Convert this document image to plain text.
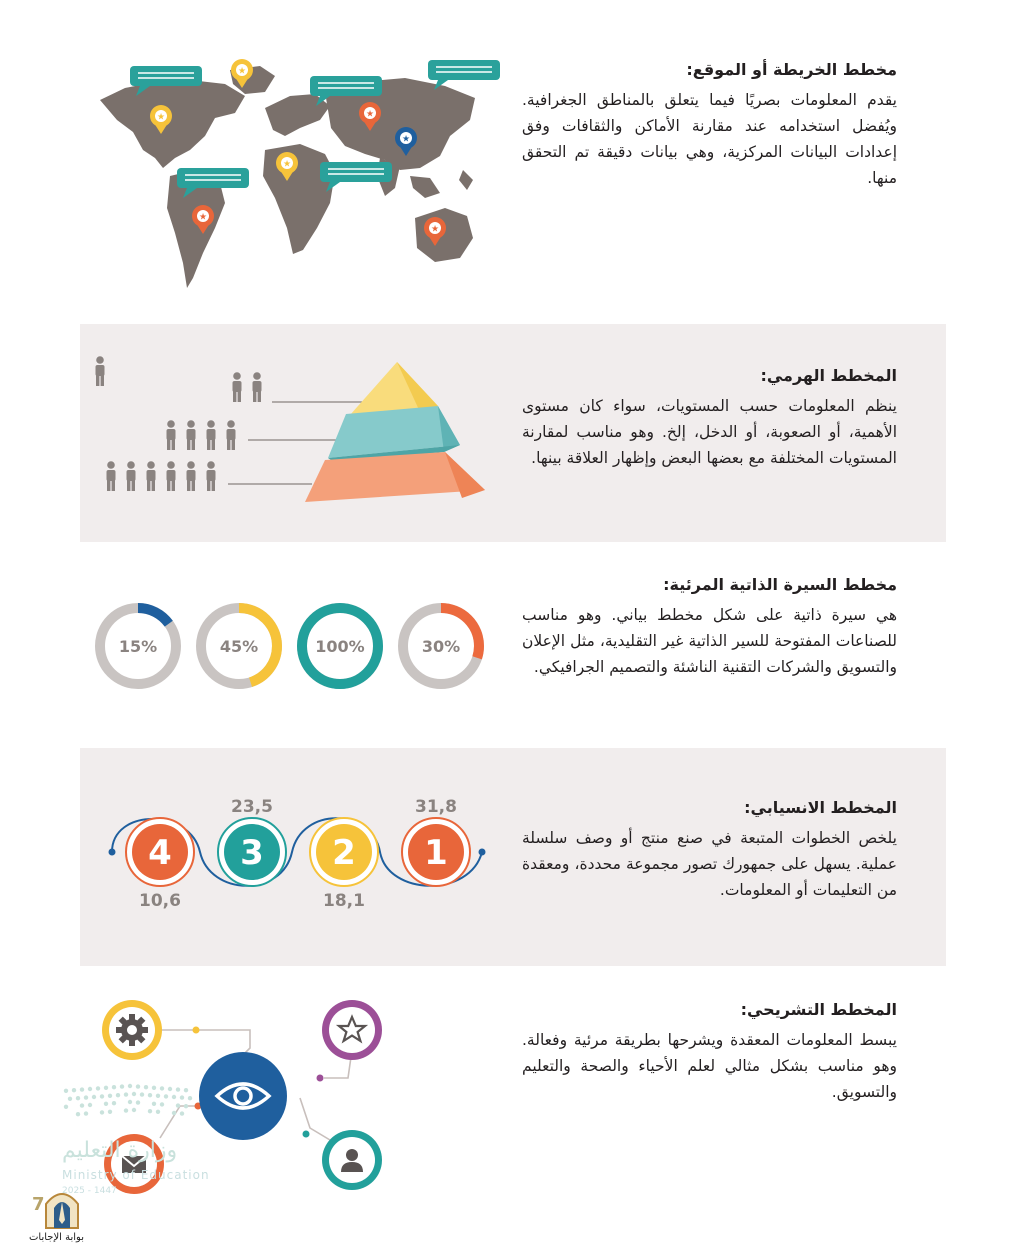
★
★	★
★
★
★
★

مخطط الخريطة أو الموقع:

يقدم المعلومات بصريًا فيما يتعلق بالمناطق الجغرافية. ويُفضل استخدامه عند مقارنة الأماكن والثقافات وفق إعدادات البيانات المركزية، وهي بيانات دقيقة تم التحقق منها.

المخطط الهرمي:

ينظم المعلومات حسب المستويات، سواء كان مستوى الأهمية، أو الصعوبة، أو الدخل، إلخ. وهو مناسب لمقارنة المستويات المختلفة مع بعضها البعض وإظهار العلاقة بينها.

15%	45%	100%	30%

مخطط السيرة الذاتية المرئية:

هي سيرة ذاتية على شكل مخطط بياني. وهو مناسب للصناعات المفتوحة للسير الذاتية غير التقليدية، مثل الإعلان والتسويق والشركات التقنية الناشئة والتصميم الجرافيكي.

4
10,6
3
23,5
2
18,1
1
31,8	المخطط الانسيابي:

يلخص الخطوات المتبعة في صنع منتج أو وصف سلسلة عملية. يسهل على جمهورك تصور مجموعة محددة، ومعقدة من التعليمات أو المعلومات.

المخطط التشريحي:

يبسط المعلومات المعقدة ويشرحها بطريقة مرئية وفعالة. وهو مناسب بشكل مثالي لعلم الأحياء والصحة والتعليم والتسويق.

وزارة التعليم
Ministry of Education
2025 - 1447
7
بوابة الإجابات
